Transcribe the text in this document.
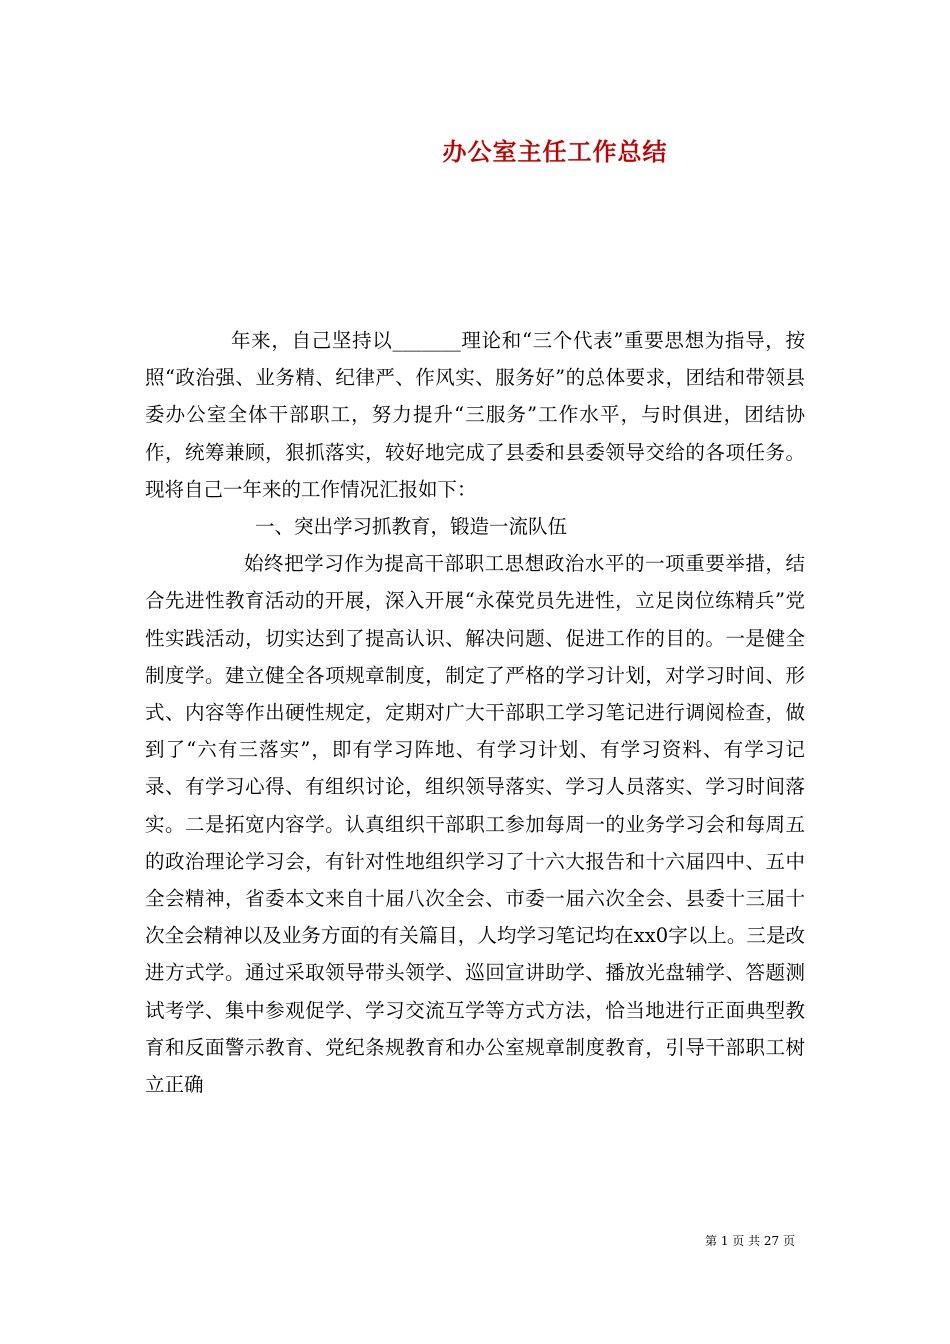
办公室主任工作总结

年来，自己坚持以_______理论和“三个代表”重要思想为指导，按照“政治强、业务精、纪律严、作风实、服务好”的总体要求，团结和带领县委办公室全体干部职工，努力提升“三服务”工作水平，与时俱进，团结协作，统筹兼顾，狠抓落实，较好地完成了县委和县委领导交给的各项任务。现将自己一年来的工作情况汇报如下：

一、突出学习抓教育，锻造一流队伍

始终把学习作为提高干部职工思想政治水平的一项重要举措，结合先进性教育活动的开展，深入开展“永葆党员先进性，立足岗位练精兵”党性实践活动，切实达到了提高认识、解决问题、促进工作的目的。一是健全制度学。建立健全各项规章制度，制定了严格的学习计划，对学习时间、形式、内容等作出硬性规定，定期对广大干部职工学习笔记进行调阅检查，做到了“六有三落实”，即有学习阵地、有学习计划、有学习资料、有学习记录、有学习心得、有组织讨论，组织领导落实、学习人员落实、学习时间落实。二是拓宽内容学。认真组织干部职工参加每周一的业务学习会和每周五的政治理论学习会，有针对性地组织学习了十六大报告和十六届四中、五中全会精神，省委本文来自十届八次全会、市委一届六次全会、县委十三届十次全会精神以及业务方面的有关篇目，人均学习笔记均在xx0字以上。三是改进方式学。通过采取领导带头领学、巡回宣讲助学、播放光盘辅学、答题测试考学、集中参观促学、学习交流互学等方式方法，恰当地进行正面典型教育和反面警示教育、党纪条规教育和办公室规章制度教育，引导干部职工树立正确

第 1 页 共 27 页
